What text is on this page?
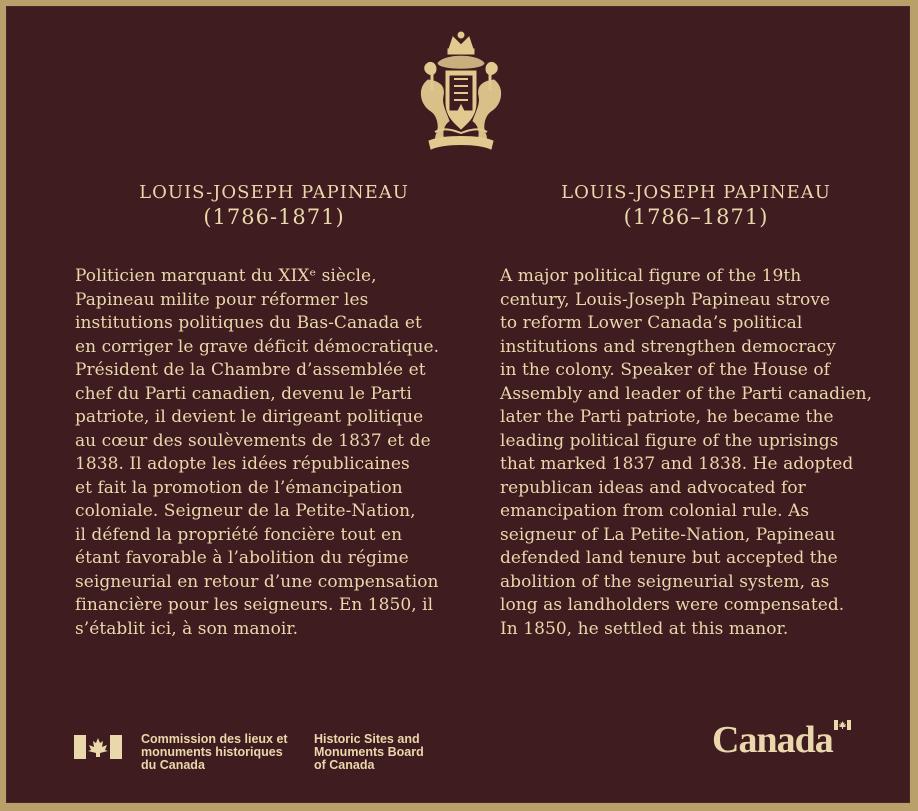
LOUIS-JOSEPH PAPINEAU
(1786-1871)
LOUIS-JOSEPH PAPINEAU
(1786–1871)
Politicien marquant du XIXᵉ siècle,
Papineau milite pour réformer les
institutions politiques du Bas-Canada et
en corriger le grave déficit démocratique.
Président de la Chambre d’assemblée et
chef du Parti canadien, devenu le Parti
patriote, il devient le dirigeant politique
au cœur des soulèvements de 1837 et de
1838. Il adopte les idées républicaines
et fait la promotion de l’émancipation
coloniale. Seigneur de la Petite-Nation,
il défend la propriété foncière tout en
étant favorable à l’abolition du régime
seigneurial en retour d’une compensation
financière pour les seigneurs. En 1850, il
s’établit ici, à son manoir.
A major political figure of the 19th
century, Louis-Joseph Papineau strove
to reform Lower Canada’s political
institutions and strengthen democracy
in the colony. Speaker of the House of
Assembly and leader of the Parti canadien,
later the Parti patriote, he became the
leading political figure of the uprisings
that marked 1837 and 1838. He adopted
republican ideas and advocated for
emancipation from colonial rule. As
seigneur of La Petite-Nation, Papineau
defended land tenure but accepted the
abolition of the seigneurial system, as
long as landholders were compensated.
In 1850, he settled at this manor.
Commission des lieux et
monuments historiques
du Canada
Historic Sites and
Monuments Board
of Canada
Canada
